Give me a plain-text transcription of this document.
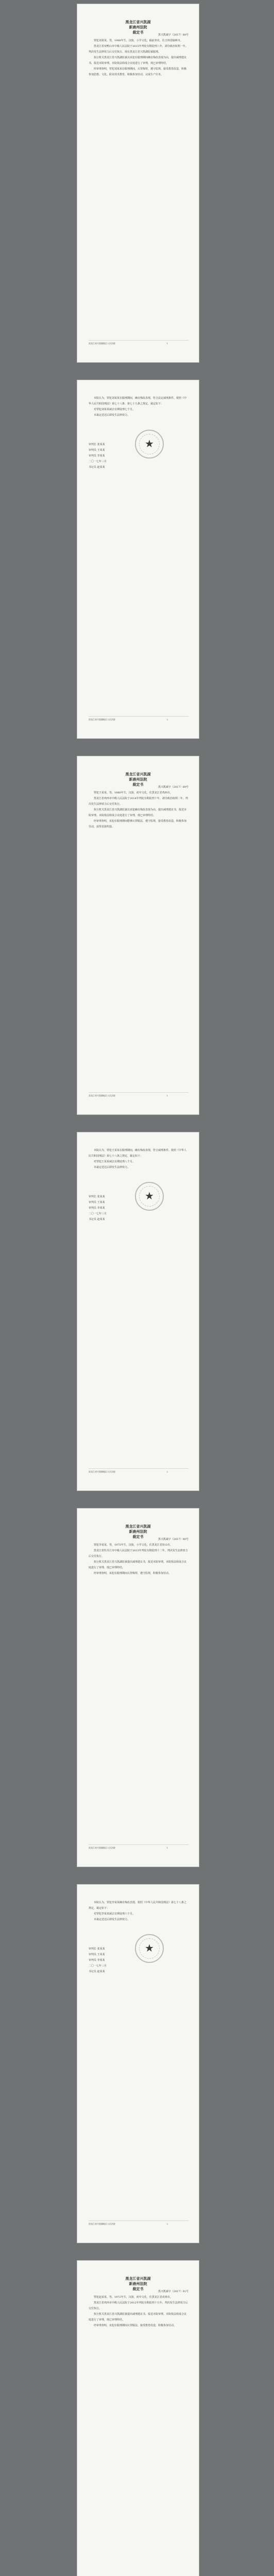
黑龙江省兴凯湖
新鹿州法院
裁定书
黑兴凯减字（2017）88号

罪犯刘某某，男，1968年生，汉族，小学文化，捕前务农，住吉林省榆树市。

黑龙江省双鸭山市中级人民法院于2015年判处有期徒刑八年，剥夺政治权利一年。判决发生法律效力后交付执行。现在黑龙江省兴凯湖监狱服刑。

执行机关黑龙江省兴凯湖监狱以该犯在服刑期间确有悔改表现为由，提出减刑建议书，报送本院审理。本院依法组成合议庭进行了审理，现已审理终结。

经审理查明，罪犯刘某某在服刑期间，认罪悔罪，遵守监规，接受教育改造，积极参加思想、文化、职业技术教育，积极参加劳动，完成生产任务。

黑龙江省兴凯湖地区人民法院	1

本院认为，罪犯刘某某在服刑期间，确有悔改表现，符合法定减刑条件。依照《中华人民共和国刑法》第七十八条、第七十九条之规定，裁定如下：

对罪犯刘某某减去有期徒刑七个月。

本裁定送达后即发生法律效力。

审判长 张某某

审判员 王某某

审判员 李某某

二〇一七年三月

书记员 赵某某

★
黑龙江省兴凯湖地区人民法院	2
黑龙江省兴凯湖
新鹿州法院
裁定书
黑兴凯减字（2017）89号

罪犯王某某，男，1980年生，汉族，初中文化，住黑龙江省鸡西市。

黑龙江省鸡西市中级人民法院于2014年判处有期徒刑十年，剥夺政治权利二年。判决发生法律效力后交付执行。

执行机关黑龙江省兴凯湖监狱以该犯确有悔改表现为由，提出减刑建议书，报送本院审理。本院依法组成合议庭进行了审理，现已审理终结。

经审理查明，该犯在服刑期间能够认罪服法，遵守监规，接受教育改造，积极参加劳动，获得表扬奖励。

黑龙江省兴凯湖地区人民法院	1

本院认为，罪犯王某某在服刑期间，确有悔改表现，符合减刑条件。依照《中华人民共和国刑法》第七十八条之规定，裁定如下：

对罪犯王某某减去有期徒刑八个月。

本裁定送达后即发生法律效力。

审判长 张某某

审判员 王某某

审判员 李某某

二〇一七年三月

书记员 赵某某

★
黑龙江省兴凯湖地区人民法院	2
黑龙江省兴凯湖
新鹿州法院
裁定书
黑兴凯减字（2017）90号

罪犯李某某，男，1975年生，汉族，小学文化，住黑龙江省密山市。

黑龙江省牡丹江市中级人民法院于2013年判处有期徒刑十二年。判决发生法律效力后交付执行。

执行机关黑龙江省兴凯湖监狱提出减刑建议书，报送本院审理。本院依法组成合议庭进行了审理，现已审理终结。

经审理查明，该犯在服刑期间认罪悔罪，遵守监规，积极参加劳动。

黑龙江省兴凯湖地区人民法院	1

本院认为，罪犯李某某确有悔改表现，依照《中华人民共和国刑法》第七十八条之规定，裁定如下：

对罪犯李某某减去有期徒刑六个月。

本裁定送达后即发生法律效力。

审判长 张某某

审判员 王某某

审判员 李某某

二〇一七年三月

书记员 赵某某

★
黑龙江省兴凯湖地区人民法院	2
黑龙江省兴凯湖
新鹿州法院
裁定书
黑兴凯减字（2017）91号

罪犯赵某某，男，1972年生，汉族，初中文化，住黑龙江省虎林市。

黑龙江省鸡西市中级人民法院于2012年判处有期徒刑十五年。判决发生法律效力后交付执行。

执行机关黑龙江省兴凯湖监狱提出减刑建议书，报送本院审理。本院依法组成合议庭进行了审理，现已审理终结。

经审理查明，该犯在服刑期间认罪服法，接受教育改造，积极参加劳动。
